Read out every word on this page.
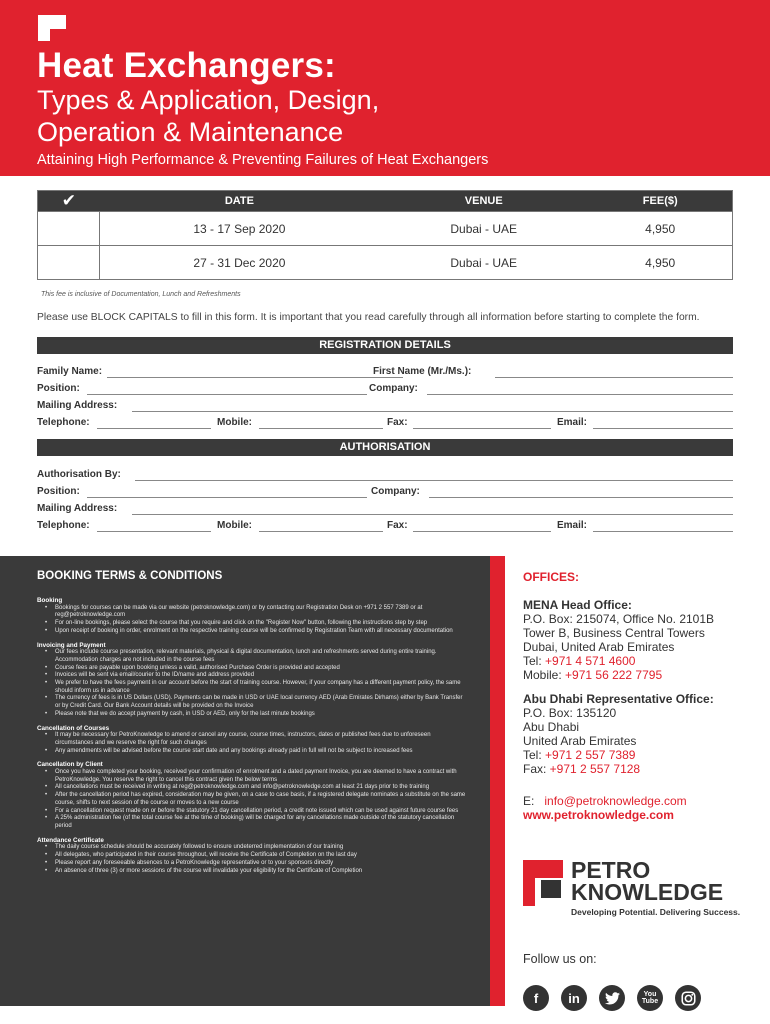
Heat Exchangers:
Types & Application, Design,
Operation & Maintenance
Attaining High Performance & Preventing Failures of Heat Exchangers
✔	DATE	VENUE	FEE($)
13 - 17 Sep 2020	Dubai - UAE	4,950
27 - 31 Dec 2020	Dubai - UAE	4,950
This fee is inclusive of Documentation, Lunch and Refreshments
Please use BLOCK CAPITALS to fill in this form. It is important that you read carefully through all information before starting to complete the form.
REGISTRATION DETAILS
Family Name:	First Name (Mr./Ms.):
Position:	Company:
Mailing Address:
Telephone:	Mobile:	Fax:	Email:
AUTHORISATION
Authorisation By:
Position:	Company:
Mailing Address:
Telephone:	Mobile:	Fax:	Email:
BOOKING TERMS & CONDITIONS
Booking
• Bookings for courses can be made via our website (petroknowledge.com) or by contacting our Registration Desk on +971 2 557 7389 or at reg@petroknowledge.com
• For on-line bookings, please select the course that you require and click on the "Register Now" button, following the instructions step by step
• Upon receipt of booking in order, enrolment on the respective training course will be confirmed by Registration Team with all necessary documentation
Invoicing and Payment
• Our fees include course presentation, relevant materials, physical & digital documentation, lunch and refreshments served during entire training. Accommodation charges are not included in the course fees
• Course fees are payable upon booking unless a valid, authorised Purchase Order is provided and accepted
• Invoices will be sent via email/courier to the ID/name and address provided
• We prefer to have the fees payment in our account before the start of training course. However, if your company has a different payment policy, the same should inform us in advance
• The currency of fees is in US Dollars (USD). Payments can be made in USD or UAE local currency AED (Arab Emirates Dirhams) either by Bank Transfer or by Credit Card. Our Bank Account details will be provided on the Invoice
• Please note that we do accept payment by cash, in USD or AED, only for the last minute bookings
Cancellation of Courses
• It may be necessary for PetroKnowledge to amend or cancel any course, course times, instructors, dates or published fees due to unforeseen circumstances and we reserve the right for such changes
• Any amendments will be advised before the course start date and any bookings already paid in full will not be subject to increased fees
Cancellation by Client
• Once you have completed your booking, received your confirmation of enrolment and a dated payment Invoice, you are deemed to have a contract with PetroKnowledge. You reserve the right to cancel this contract given the below terms
• All cancellations must be received in writing at reg@petroknowledge.com and info@petroknowledge.com at least 21 days prior to the training
• After the cancellation period has expired, consideration may be given, on a case to case basis, if a registered delegate nominates a substitute on the same course, shifts to next session of the course or moves to a new course
• For a cancellation request made on or before the statutory 21 day cancellation period, a credit note issued which can be used against future course fees
• A 25% administration fee (of the total course fee at the time of booking) will be charged for any cancellations made outside of the statutory cancellation period
Attendance Certificate
• The daily course schedule should be accurately followed to ensure undeterred implementation of our training
• All delegates, who participated in their course throughout, will receive the Certificate of Completion on the last day
• Please report any foreseeable absences to a PetroKnowledge representative or to your sponsors directly
• An absence of three (3) or more sessions of the course will invalidate your eligibility for the Certificate of Completion
OFFICES:
MENA Head Office:
P.O. Box: 215074, Office No. 2101B
Tower B, Business Central Towers
Dubai, United Arab Emirates
Tel: +971 4 571 4600
Mobile: +971 56 222 7795
Abu Dhabi Representative Office:
P.O. Box: 135120
Abu Dhabi
United Arab Emirates
Tel: +971 2 557 7389
Fax: +971 2 557 7128
E: info@petroknowledge.com
www.petroknowledge.com
PETRO
KNOWLEDGE
Developing Potential. Delivering Success.
Follow us on:
f	in	You
Tube
